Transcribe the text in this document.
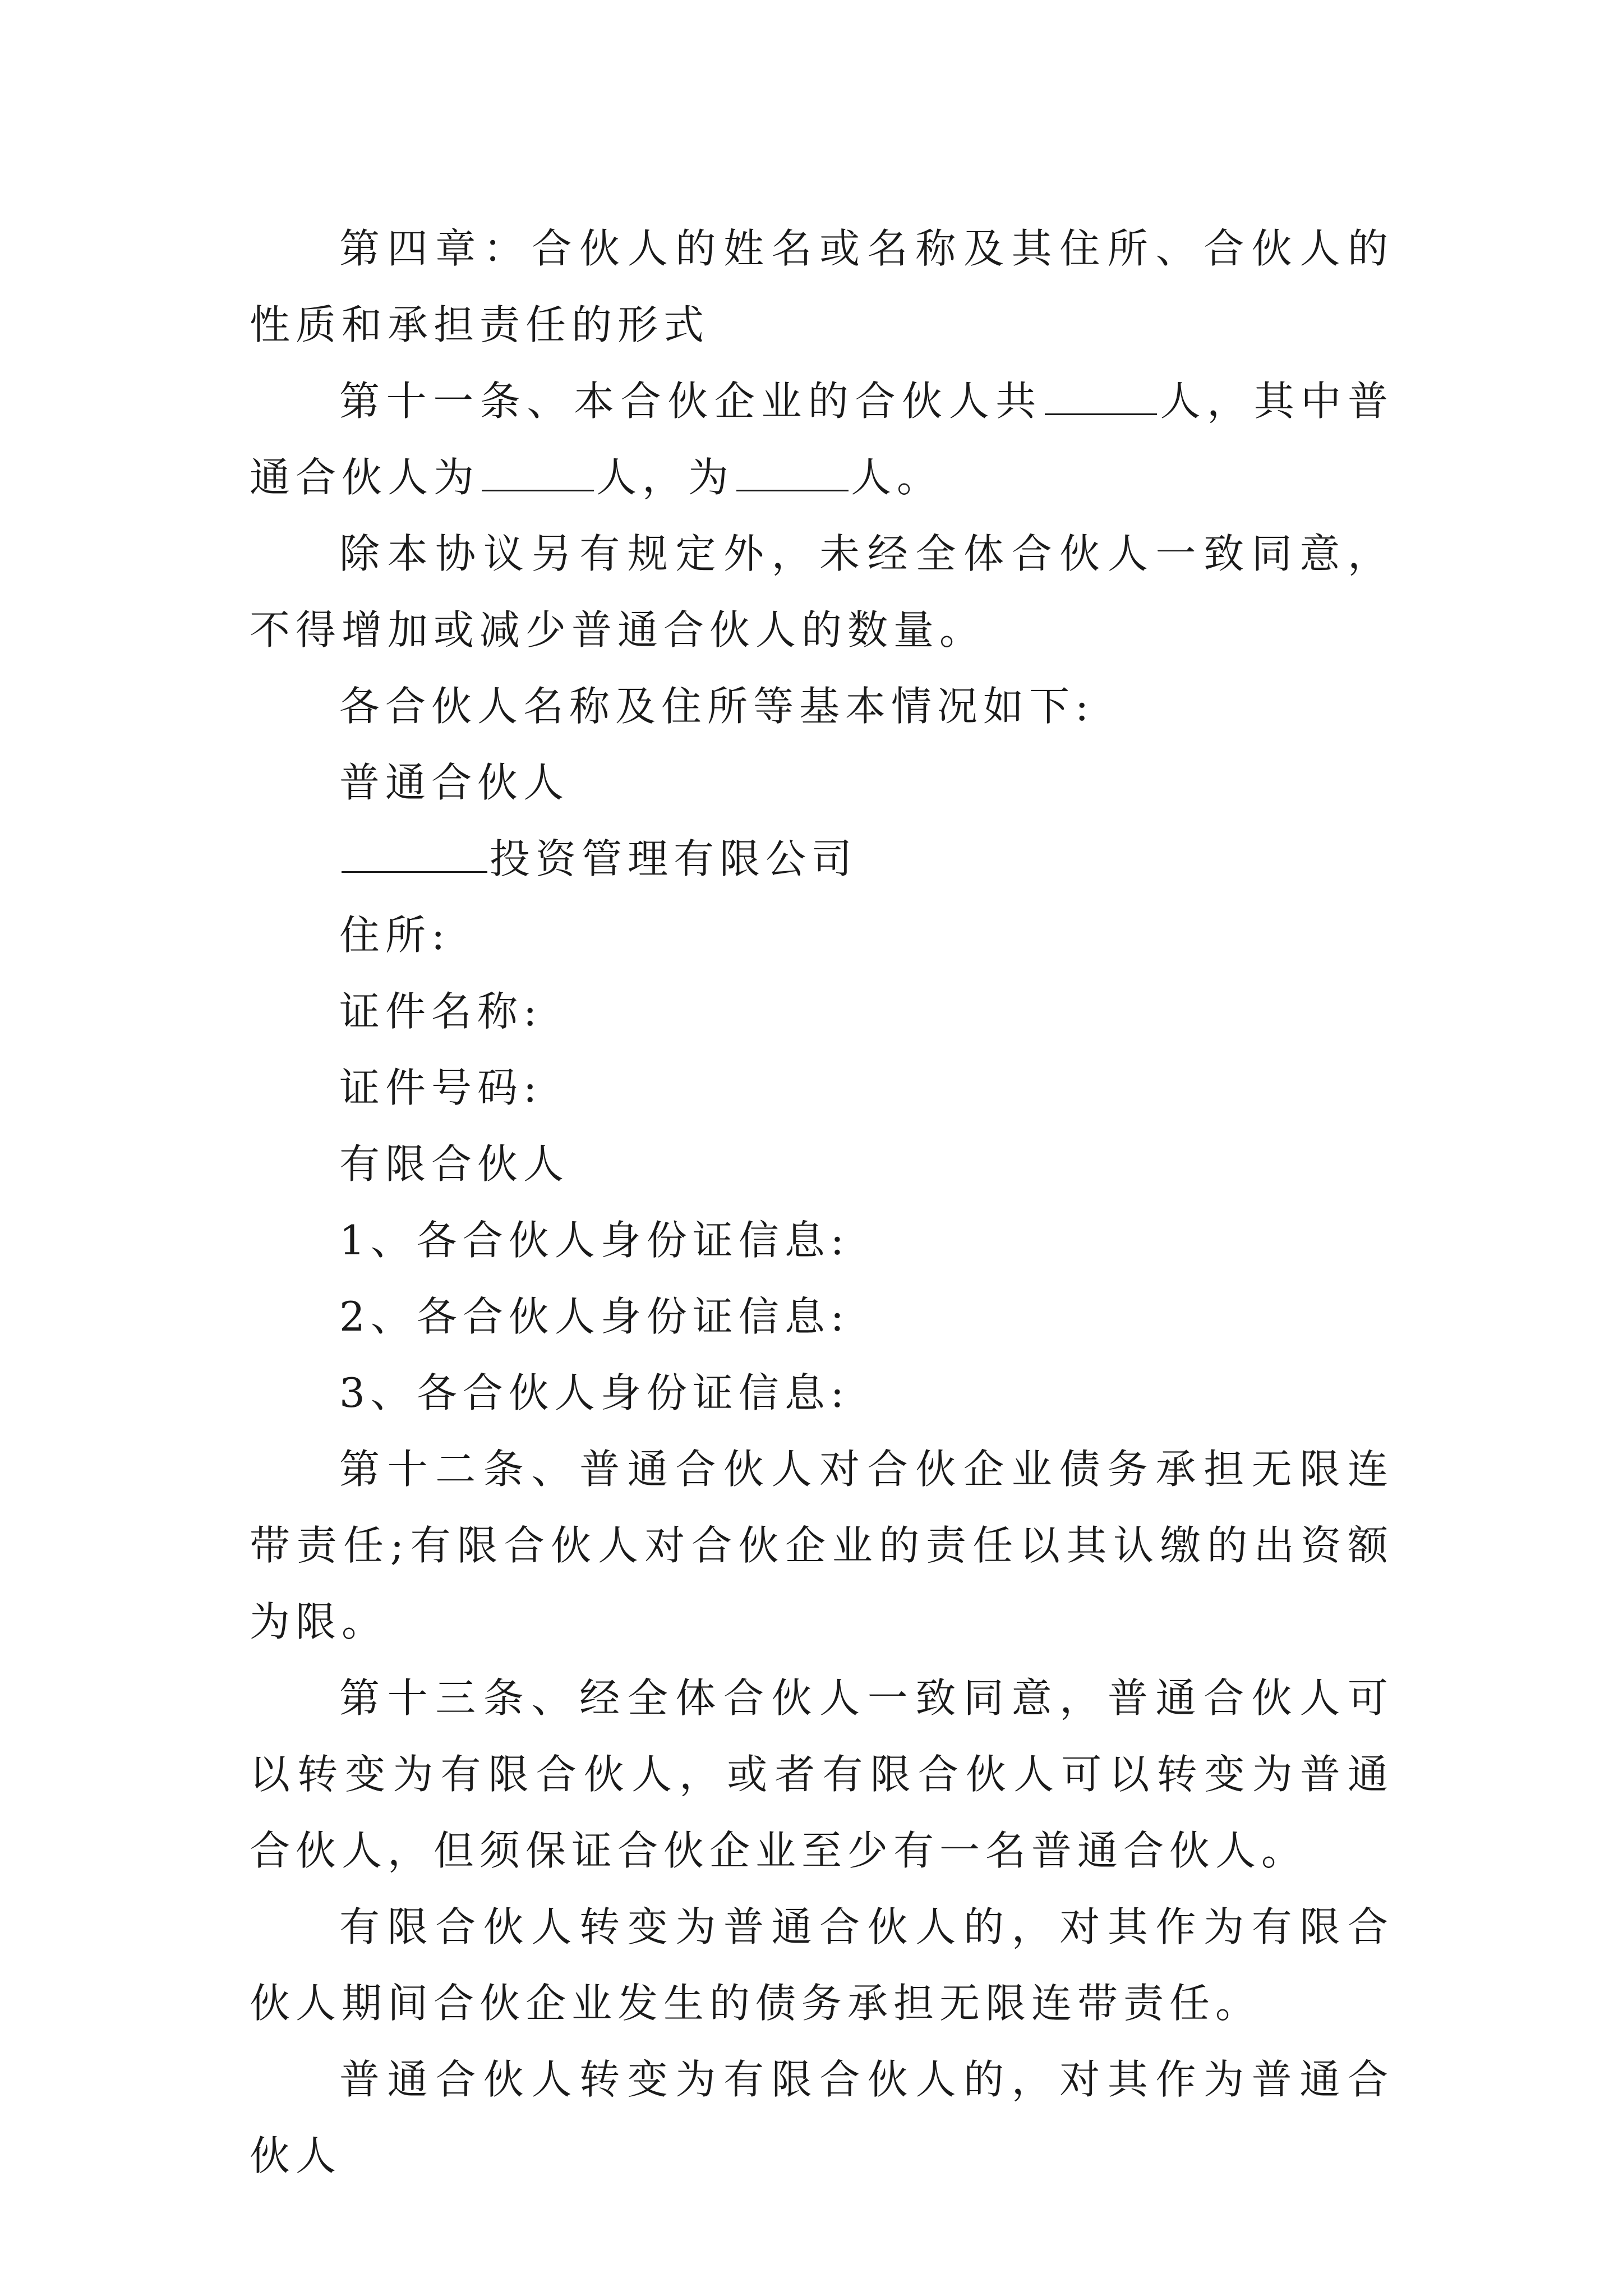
第四章：合伙人的姓名或名称及其住所、合伙人的性质和承担责任的形式

第十一条、本合伙企业的合伙人共	人，其中普通合伙人为	人，为	人。

除本协议另有规定外，未经全体合伙人一致同意，不得增加或减少普通合伙人的数量。

各合伙人名称及住所等基本情况如下:

普通合伙人

投资管理有限公司

住所:

证件名称:

证件号码:

有限合伙人

1、各合伙人身份证信息:

2、各合伙人身份证信息:

3、各合伙人身份证信息:

第十二条、普通合伙人对合伙企业债务承担无限连带责任;有限合伙人对合伙企业的责任以其认缴的出资额为限。

第十三条、经全体合伙人一致同意，普通合伙人可以转变为有限合伙人，或者有限合伙人可以转变为普通合伙人，但须保证合伙企业至少有一名普通合伙人。

有限合伙人转变为普通合伙人的，对其作为有限合伙人期间合伙企业发生的债务承担无限连带责任。

普通合伙人转变为有限合伙人的，对其作为普通合伙人
